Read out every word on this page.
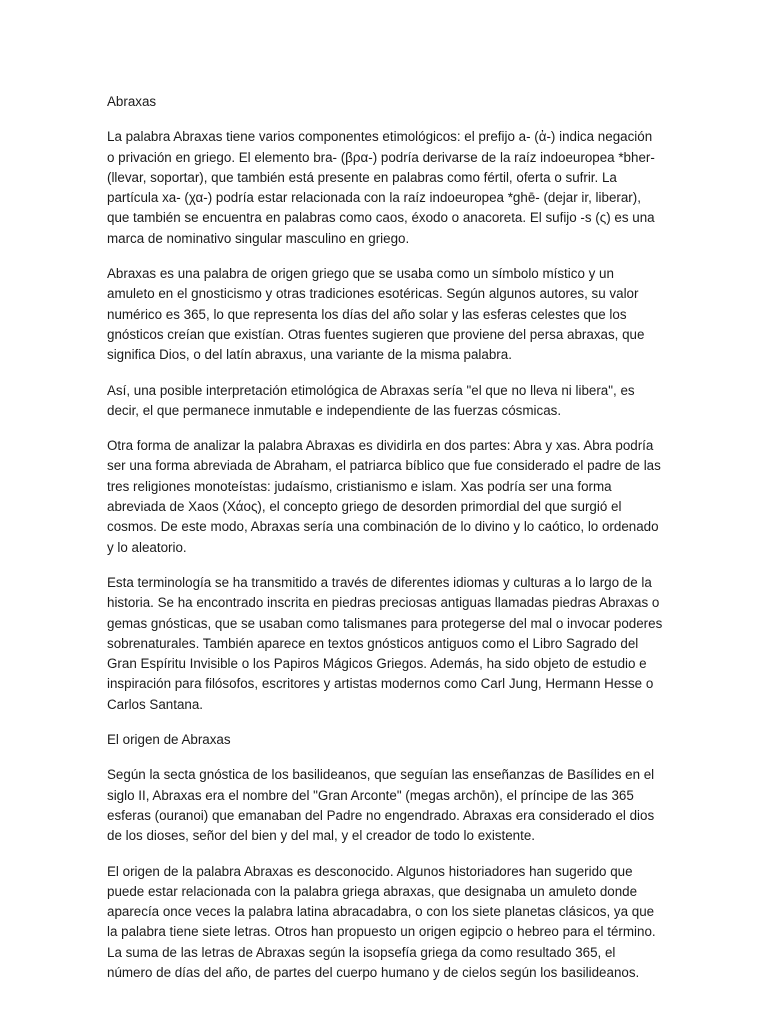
Abraxas

La palabra Abraxas tiene varios componentes etimológicos: el prefijo a- (ἀ-) indica negación o privación en griego. El elemento bra- (βρα-) podría derivarse de la raíz indoeuropea *bher- (llevar, soportar), que también está presente en palabras como fértil, oferta o sufrir. La partícula xa- (χα-) podría estar relacionada con la raíz indoeuropea *ghē- (dejar ir, liberar), que también se encuentra en palabras como caos, éxodo o anacoreta. El sufijo -s (ς) es una marca de nominativo singular masculino en griego.

Abraxas es una palabra de origen griego que se usaba como un símbolo místico y un amuleto en el gnosticismo y otras tradiciones esotéricas. Según algunos autores, su valor numérico es 365, lo que representa los días del año solar y las esferas celestes que los gnósticos creían que existían. Otras fuentes sugieren que proviene del persa abraxas, que significa Dios, o del latín abraxus, una variante de la misma palabra.

Así, una posible interpretación etimológica de Abraxas sería "el que no lleva ni libera", es decir, el que permanece inmutable e independiente de las fuerzas cósmicas.

Otra forma de analizar la palabra Abraxas es dividirla en dos partes: Abra y xas. Abra podría ser una forma abreviada de Abraham, el patriarca bíblico que fue considerado el padre de las tres religiones monoteístas: judaísmo, cristianismo e islam. Xas podría ser una forma abreviada de Xaos (Χάος), el concepto griego de desorden primordial del que surgió el cosmos. De este modo, Abraxas sería una combinación de lo divino y lo caótico, lo ordenado y lo aleatorio.

Esta terminología se ha transmitido a través de diferentes idiomas y culturas a lo largo de la historia. Se ha encontrado inscrita en piedras preciosas antiguas llamadas piedras Abraxas o gemas gnósticas, que se usaban como talismanes para protegerse del mal o invocar poderes sobrenaturales. También aparece en textos gnósticos antiguos como el Libro Sagrado del Gran Espíritu Invisible o los Papiros Mágicos Griegos. Además, ha sido objeto de estudio e inspiración para filósofos, escritores y artistas modernos como Carl Jung, Hermann Hesse o Carlos Santana.

El origen de Abraxas

Según la secta gnóstica de los basilideanos, que seguían las enseñanzas de Basílides en el siglo II, Abraxas era el nombre del "Gran Arconte" (megas archōn), el príncipe de las 365 esferas (ouranoi) que emanaban del Padre no engendrado. Abraxas era considerado el dios de los dioses, señor del bien y del mal, y el creador de todo lo existente.

El origen de la palabra Abraxas es desconocido. Algunos historiadores han sugerido que puede estar relacionada con la palabra griega abraxas, que designaba un amuleto donde aparecía once veces la palabra latina abracadabra, o con los siete planetas clásicos, ya que la palabra tiene siete letras. Otros han propuesto un origen egipcio o hebreo para el término. La suma de las letras de Abraxas según la isopsefía griega da como resultado 365, el número de días del año, de partes del cuerpo humano y de cielos según los basilideanos.
